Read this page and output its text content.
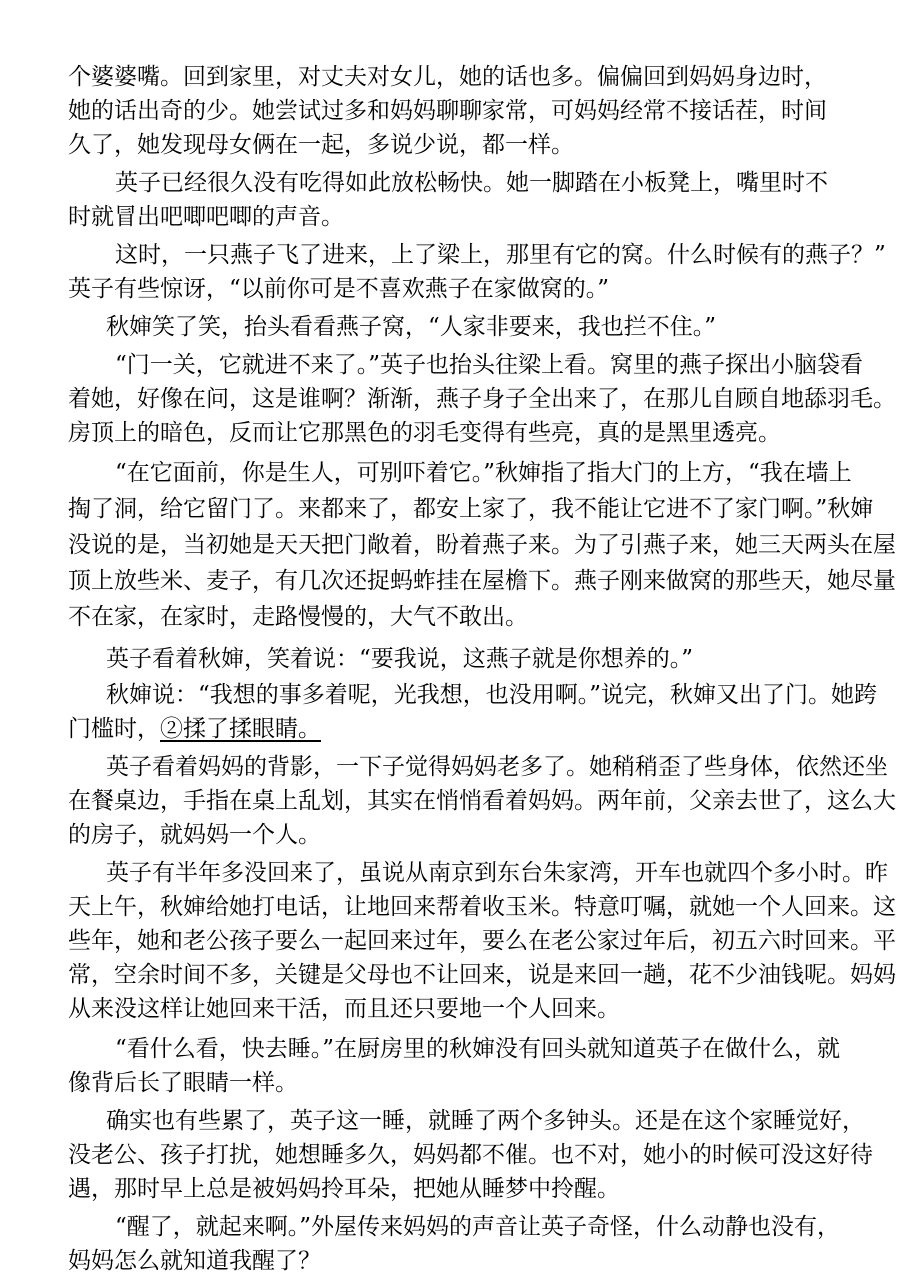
个婆婆嘴。回到家里，对丈夫对女儿，她的话也多。偏偏回到妈妈身边时，

她的话出奇的少。她尝试过多和妈妈聊聊家常，可妈妈经常不接话茬，时间

久了，她发现母女俩在一起，多说少说，都一样。

英子已经很久没有吃得如此放松畅快。她一脚踏在小板凳上，嘴里时不

时就冒出吧唧吧唧的声音。

这时，一只燕子飞了进来，上了梁上，那里有它的窝。什么时候有的燕子？”

英子有些惊讶，“以前你可是不喜欢燕子在家做窝的。”

秋婶笑了笑，抬头看看燕子窝，“人家非要来，我也拦不住。”

“门一关，它就进不来了。”英子也抬头往梁上看。窝里的燕子探出小脑袋看

着她，好像在问，这是谁啊？渐渐，燕子身子全出来了，在那儿自顾自地舔羽毛。

房顶上的暗色，反而让它那黑色的羽毛变得有些亮，真的是黑里透亮。

“在它面前，你是生人，可别吓着它。”秋婶指了指大门的上方，“我在墙上

掏了洞，给它留门了。来都来了，都安上家了，我不能让它进不了家门啊。”秋婶

没说的是，当初她是天天把门敞着，盼着燕子来。为了引燕子来，她三天两头在屋

顶上放些米、麦子，有几次还捉蚂蚱挂在屋檐下。燕子刚来做窝的那些天，她尽量

不在家，在家时，走路慢慢的，大气不敢出。

英子看着秋婶，笑着说：“要我说，这燕子就是你想养的。”

秋婶说：“我想的事多着呢，光我想，也没用啊。”说完，秋婶又出了门。她跨

门槛时，②揉了揉眼睛。

英子看着妈妈的背影，一下子觉得妈妈老多了。她稍稍歪了些身体，依然还坐

在餐桌边，手指在桌上乱划，其实在悄悄看着妈妈。两年前，父亲去世了，这么大

的房子，就妈妈一个人。

英子有半年多没回来了，虽说从南京到东台朱家湾，开车也就四个多小时。昨

天上午，秋婶给她打电话，让地回来帮着收玉米。特意叮嘱，就她一个人回来。这

些年，她和老公孩子要么一起回来过年，要么在老公家过年后，初五六时回来。平

常，空余时间不多，关键是父母也不让回来，说是来回一趟，花不少油钱呢。妈妈

从来没这样让她回来干活，而且还只要地一个人回来。

“看什么看，快去睡。”在厨房里的秋婶没有回头就知道英子在做什么，就

像背后长了眼睛一样。

确实也有些累了，英子这一睡，就睡了两个多钟头。还是在这个家睡觉好，

没老公、孩子打扰，她想睡多久，妈妈都不催。也不对，她小的时候可没这好待

遇，那时早上总是被妈妈拎耳朵，把她从睡梦中拎醒。

“醒了，就起来啊。”外屋传来妈妈的声音让英子奇怪，什么动静也没有，

妈妈怎么就知道我醒了？
